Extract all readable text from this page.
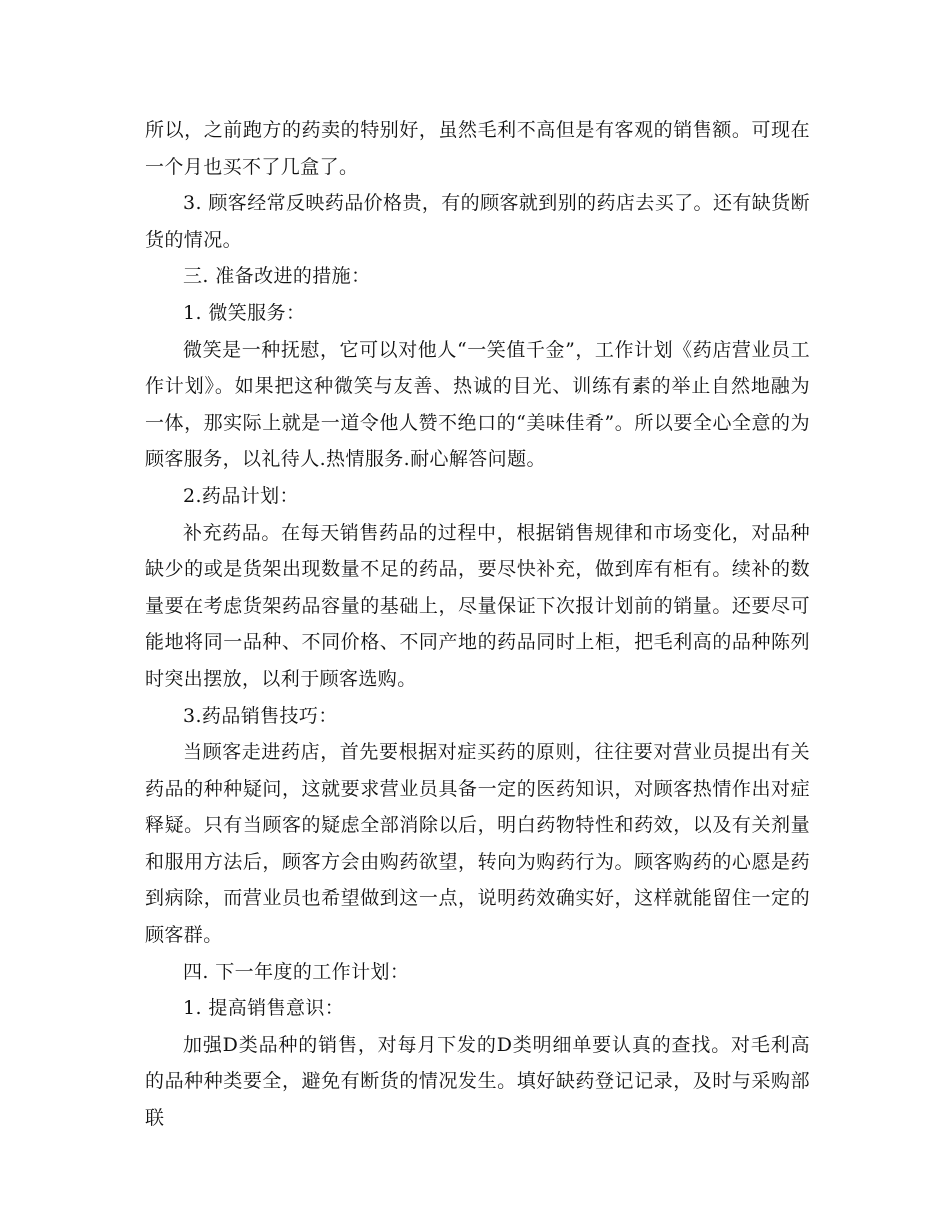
所以，之前跑方的药卖的特别好，虽然毛利不高但是有客观的销售额。可现在一个月也买不了几盒了。

3. 顾客经常反映药品价格贵，有的顾客就到别的药店去买了。还有缺货断货的情况。

三. 准备改进的措施：

1. 微笑服务：

微笑是一种抚慰，它可以对他人“一笑值千金”，工作计划《药店营业员工作计划》。如果把这种微笑与友善、热诚的目光、训练有素的举止自然地融为一体，那实际上就是一道令他人赞不绝口的“美味佳肴”。所以要全心全意的为顾客服务，以礼待人.热情服务.耐心解答问题。

2.药品计划：

补充药品。在每天销售药品的过程中，根据销售规律和市场变化，对品种缺少的或是货架出现数量不足的药品，要尽快补充，做到库有柜有。续补的数量要在考虑货架药品容量的基础上，尽量保证下次报计划前的销量。还要尽可能地将同一品种、不同价格、不同产地的药品同时上柜，把毛利高的品种陈列时突出摆放，以利于顾客选购。

3.药品销售技巧：

当顾客走进药店，首先要根据对症买药的原则，往往要对营业员提出有关药品的种种疑问，这就要求营业员具备一定的医药知识，对顾客热情作出对症释疑。只有当顾客的疑虑全部消除以后，明白药物特性和药效，以及有关剂量和服用方法后，顾客方会由购药欲望，转向为购药行为。顾客购药的心愿是药到病除，而营业员也希望做到这一点，说明药效确实好，这样就能留住一定的顾客群。

四. 下一年度的工作计划：

1. 提高销售意识：

加强D类品种的销售，对每月下发的D类明细单要认真的查找。对毛利高的品种种类要全，避免有断货的情况发生。填好缺药登记记录，及时与采购部联
